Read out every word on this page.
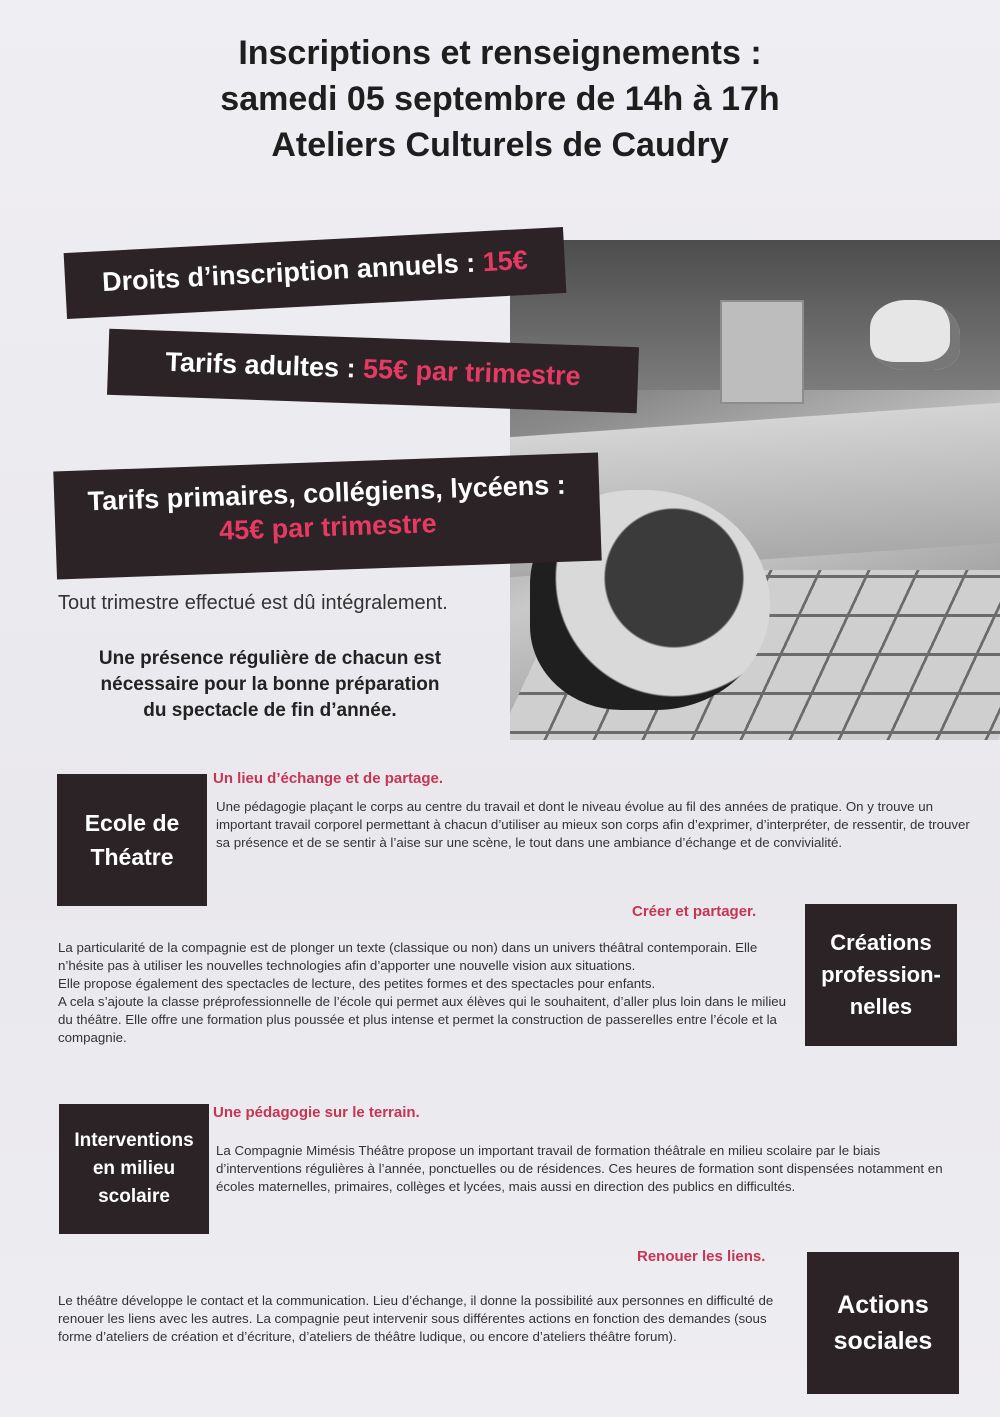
Inscriptions et renseignements :
samedi 05 septembre de 14h à 17h
Ateliers Culturels de Caudry
Droits d’inscription annuels : 15€
Tarifs adultes : 55€ par trimestre
Tarifs primaires, collégiens, lycéens :
45€ par trimestre
Tout trimestre effectué est dû intégralement.
Une présence régulière de chacun est
nécessaire pour la bonne préparation
du spectacle de fin d’année.
Ecole de
Théatre
Un lieu d’échange et de partage.
Une pédagogie plaçant le corps au centre du travail et dont le niveau évolue au fil des années de pratique. On y trouve un important travail corporel permettant à chacun d’utiliser au mieux son corps afin d’exprimer, d’interpréter, de ressentir, de trouver sa présence et de se sentir à l’aise sur une scène, le tout dans une ambiance d’échange et de convivialité.
Créer et partager.
La particularité de la compagnie est de plonger un texte (classique ou non) dans un univers théâtral contemporain. Elle n’hésite pas à utiliser les nouvelles technologies afin d’apporter une nouvelle vision aux situations.
Elle propose également des spectacles de lecture, des petites formes et des spectacles pour enfants.
A cela s’ajoute la classe préprofessionnelle de l’école qui permet aux élèves qui le souhaitent, d’aller plus loin dans le milieu du théâtre. Elle offre une formation plus poussée et plus intense et permet la construction de passerelles entre l’école et la compagnie.
Créations
profession-
nelles
Interventions
en milieu
scolaire
Une pédagogie sur le terrain.
La Compagnie Mimésis Théâtre propose un important travail de formation théâtrale en milieu scolaire par le biais d’interventions régulières à l’année, ponctuelles ou de résidences. Ces heures de formation sont dispensées notamment en écoles maternelles, primaires, collèges et lycées, mais aussi en direction des publics en difficultés.
Renouer les liens.
Le théâtre développe le contact et la communication. Lieu d’échange, il donne la possibilité aux personnes en difficulté de renouer les liens avec les autres. La compagnie peut intervenir sous différentes actions en fonction des demandes (sous forme d’ateliers de création et d’écriture, d’ateliers de théâtre ludique, ou encore d’ateliers théâtre forum).
Actions
sociales
